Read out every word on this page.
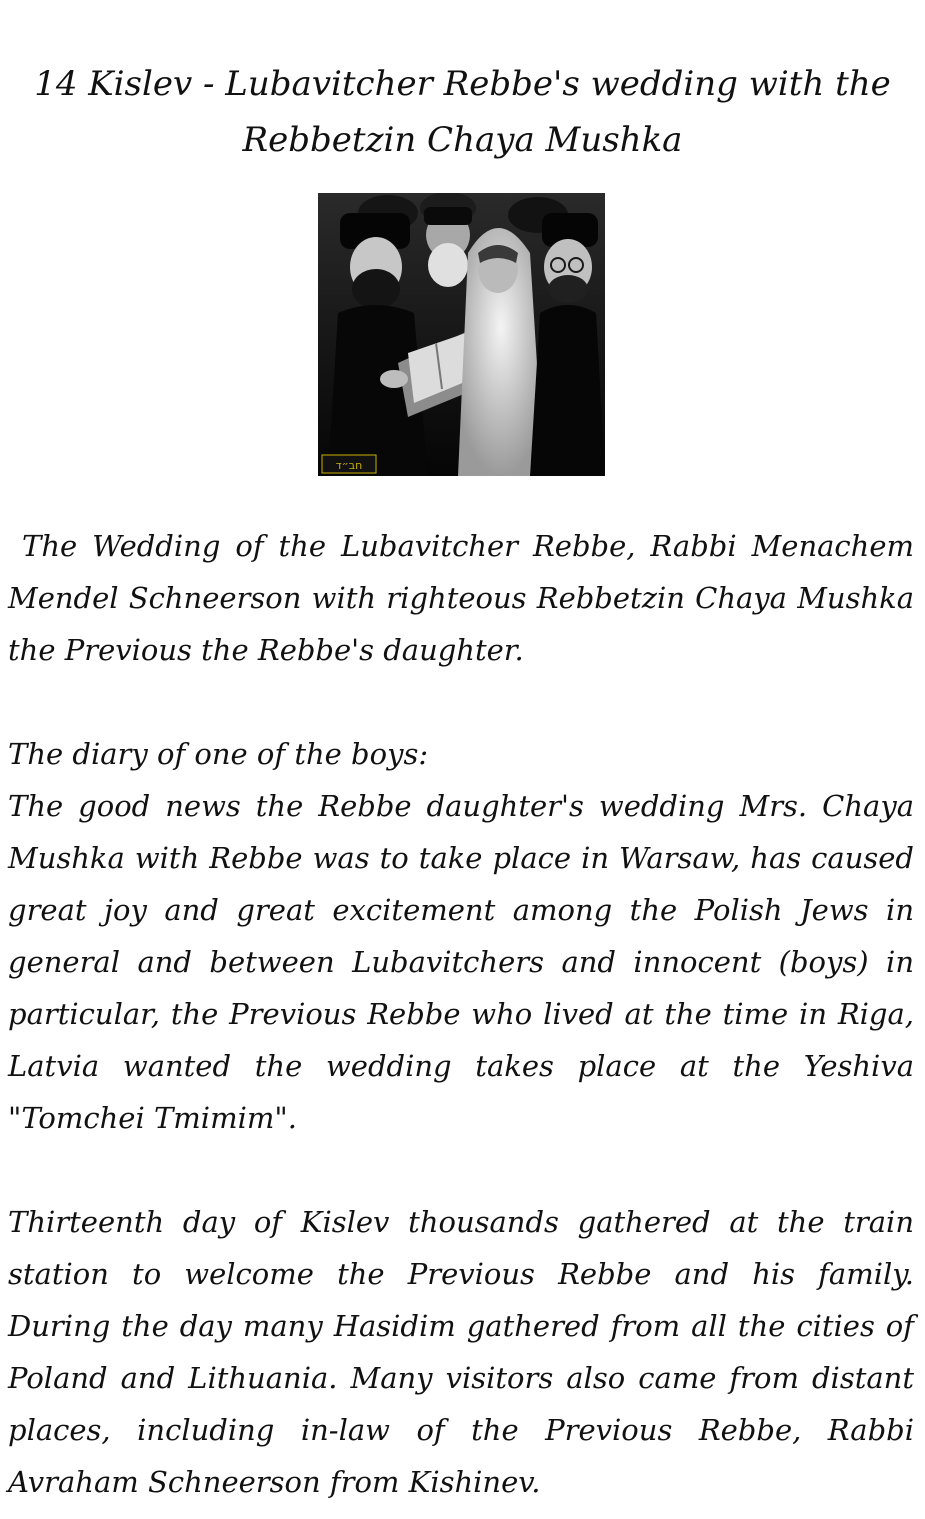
14 Kislev - Lubavitcher Rebbe's wedding with the
Rebbetzin Chaya Mushka
חב״ד

The Wedding of the Lubavitcher Rebbe, Rabbi Menachem Mendel Schneerson with righteous Rebbetzin Chaya Mushka the Previous the Rebbe's daughter.

The diary of one of the boys:

The good news the Rebbe daughter's wedding Mrs. Chaya Mushka with Rebbe was to take place in Warsaw, has caused great joy and great excitement among the Polish Jews in general and between Lubavitchers and innocent (boys) in particular, the Previous Rebbe who lived at the time in Riga, Latvia wanted the wedding takes place at the Yeshiva "Tomchei Tmimim".

Thirteenth day of Kislev thousands gathered at the train station to welcome the Previous Rebbe and his family. During the day many Hasidim gathered from all the cities of Poland and Lithuania. Many visitors also came from distant places, including in-law of the Previous Rebbe, Rabbi Avraham Schneerson from Kishinev.
